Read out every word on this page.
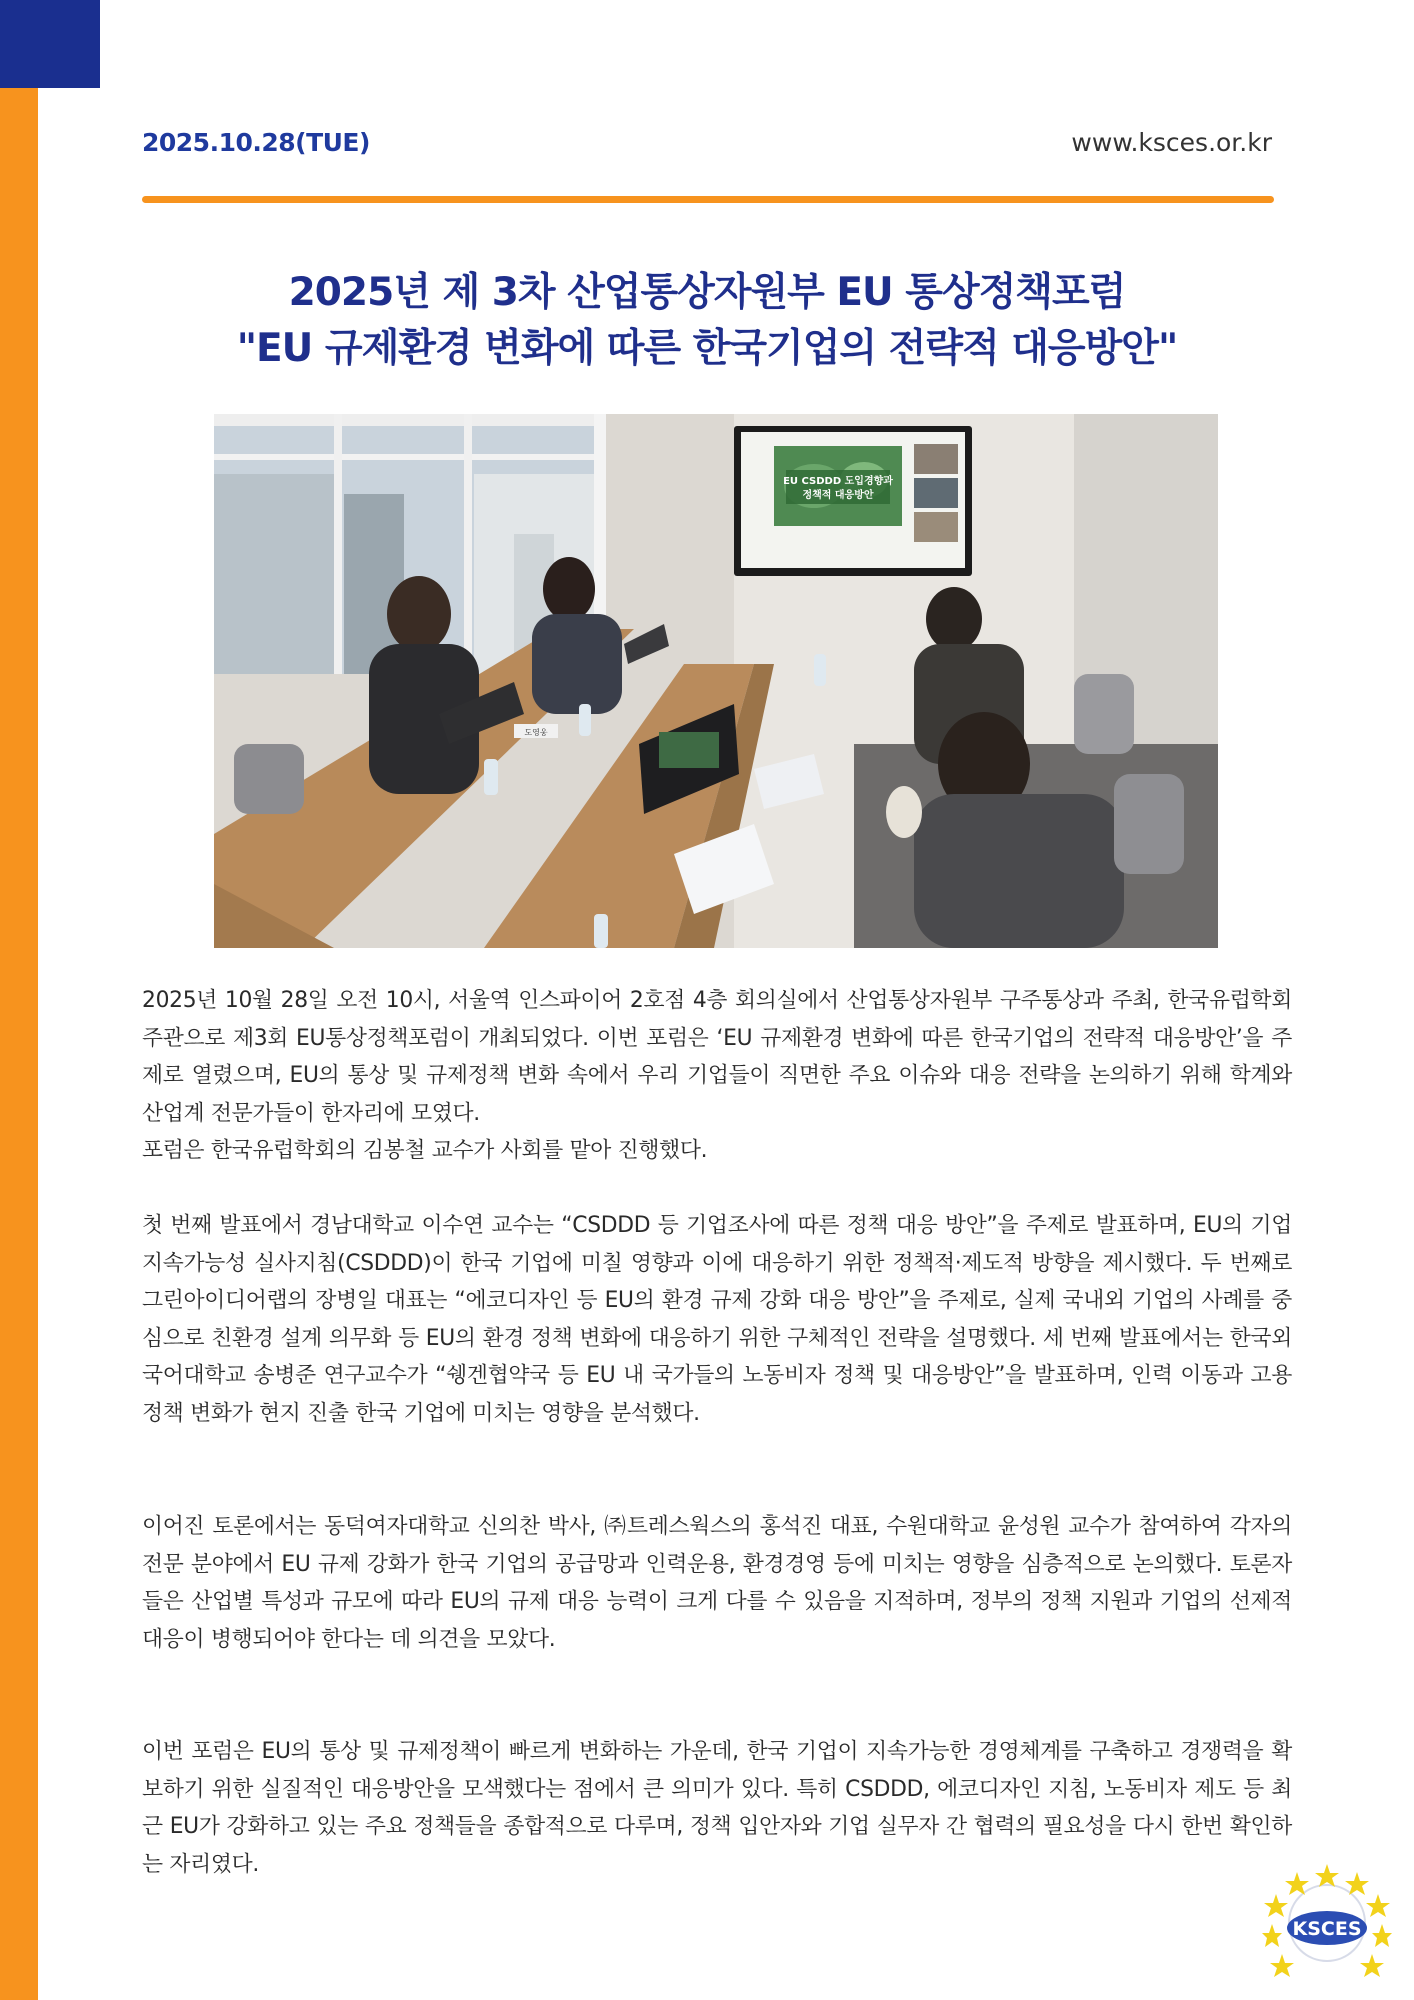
2025.10.28(TUE)	www.ksces.or.kr
2025년 제 3차 산업통상자원부 EU 통상정책포럼
"EU 규제환경 변화에 따른 한국기업의 전략적 대응방안"
EU CSDDD 도입경향과
정책적 대응방안
도영웅

2025년 10월 28일 오전 10시, 서울역 인스파이어 2호점 4층 회의실에서 산업통상자원부 구주통상과 주최, 한국유럽학회 주관으로 제3회 EU통상정책포럼이 개최되었다. 이번 포럼은 ‘EU 규제환경 변화에 따른 한국기업의 전략적 대응방안’을 주제로 열렸으며, EU의 통상 및 규제정책 변화 속에서 우리 기업들이 직면한 주요 이슈와 대응 전략을 논의하기 위해 학계와 산업계 전문가들이 한자리에 모였다.

포럼은 한국유럽학회의 김봉철 교수가 사회를 맡아 진행했다.

첫 번째 발표에서 경남대학교 이수연 교수는 “CSDDD 등 기업조사에 따른 정책 대응 방안”을 주제로 발표하며, EU의 기업 지속가능성 실사지침(CSDDD)이 한국 기업에 미칠 영향과 이에 대응하기 위한 정책적·제도적 방향을 제시했다. 두 번째로 그린아이디어랩의 장병일 대표는 “에코디자인 등 EU의 환경 규제 강화 대응 방안”을 주제로, 실제 국내외 기업의 사례를 중심으로 친환경 설계 의무화 등 EU의 환경 정책 변화에 대응하기 위한 구체적인 전략을 설명했다. 세 번째 발표에서는 한국외국어대학교 송병준 연구교수가 “쉥겐협약국 등 EU 내 국가들의 노동비자 정책 및 대응방안”을 발표하며, 인력 이동과 고용정책 변화가 현지 진출 한국 기업에 미치는 영향을 분석했다.

이어진 토론에서는 동덕여자대학교 신의찬 박사, ㈜트레스웍스의 홍석진 대표, 수원대학교 윤성원 교수가 참여하여 각자의 전문 분야에서 EU 규제 강화가 한국 기업의 공급망과 인력운용, 환경경영 등에 미치는 영향을 심층적으로 논의했다. 토론자들은 산업별 특성과 규모에 따라 EU의 규제 대응 능력이 크게 다를 수 있음을 지적하며, 정부의 정책 지원과 기업의 선제적 대응이 병행되어야 한다는 데 의견을 모았다.

이번 포럼은 EU의 통상 및 규제정책이 빠르게 변화하는 가운데, 한국 기업이 지속가능한 경영체계를 구축하고 경쟁력을 확보하기 위한 실질적인 대응방안을 모색했다는 점에서 큰 의미가 있다. 특히 CSDDD, 에코디자인 지침, 노동비자 제도 등 최근 EU가 강화하고 있는 주요 정책들을 종합적으로 다루며, 정책 입안자와 기업 실무자 간 협력의 필요성을 다시 한번 확인하는 자리였다.

KSCES
